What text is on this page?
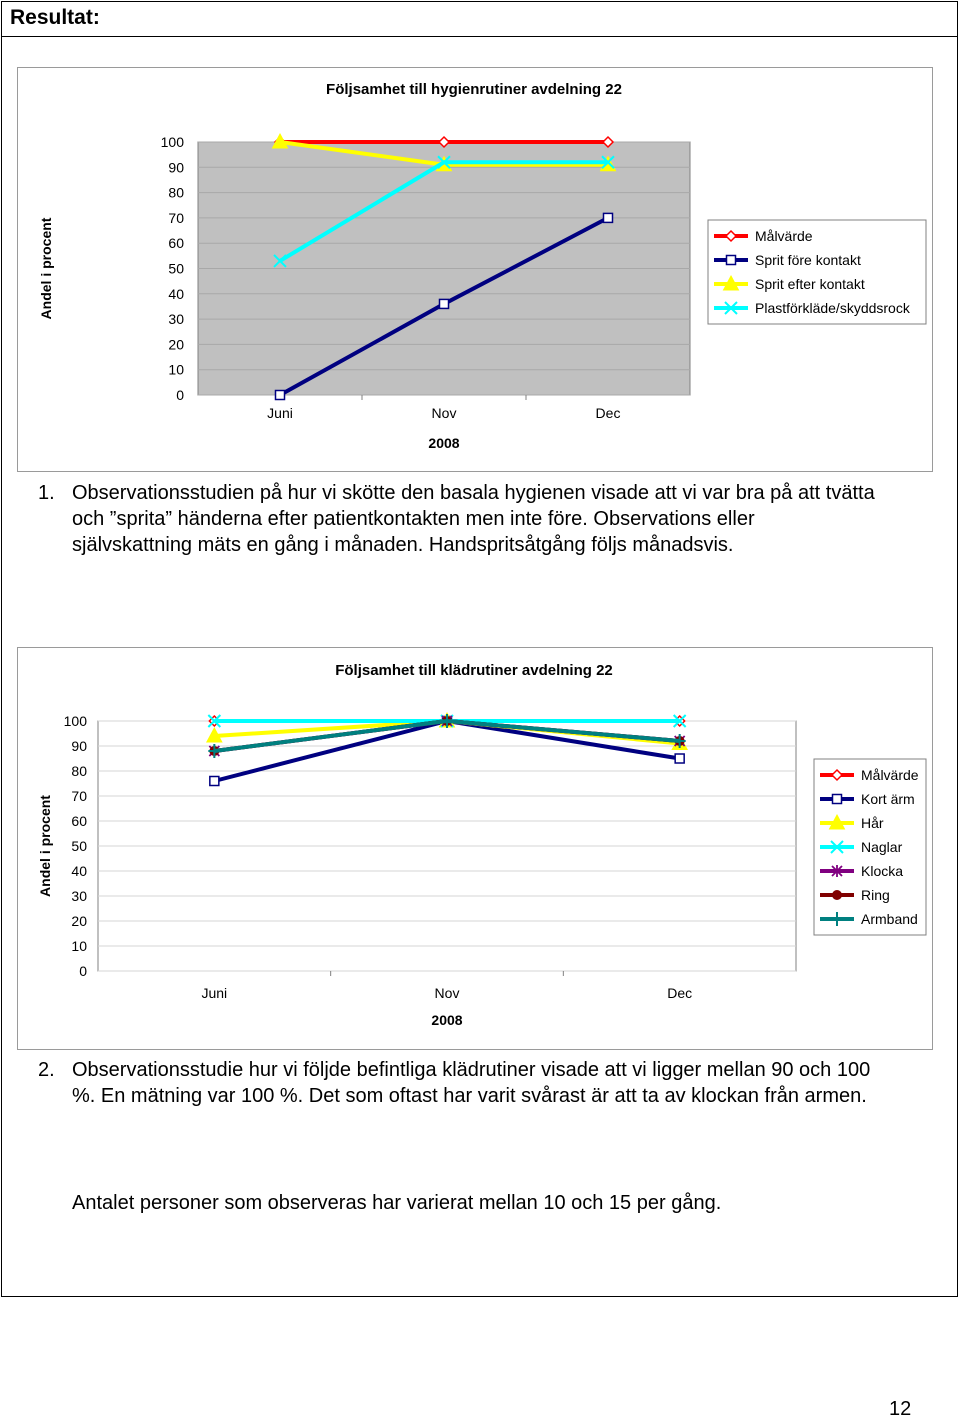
Resultat:
Följsamhet till hygienrutiner avdelning 22
0
10
20
30
40
50
60
70
80
90
100
Juni	Nov	Dec
2008
Andel i procent	Målvärde
Sprit före kontakt
Sprit efter kontakt
Plastförkläde/skyddsrock
1. Observationsstudien på hur vi skötte den basala hygienen visade att vi var bra på att tvätta och ”sprita” händerna efter patientkontakten men inte före. Observations eller självskattning mäts en gång i månaden. Handspritsåtgång följs månadsvis.
Följsamhet till klädrutiner avdelning 22
0
10
20
30
40
50
60
70
80
90
100
Juni	Nov	Dec
2008
Andel i procent
Målvärde
Kort ärm
Hår
Naglar
Klocka
Ring
Armband
2. Observationsstudie hur vi följde befintliga klädrutiner visade att vi ligger mellan 90 och 100 %. En mätning var 100 %. Det som oftast har varit svårast är att ta av klockan från armen.
Antalet personer som observeras har varierat mellan 10 och 15 per gång.
12
